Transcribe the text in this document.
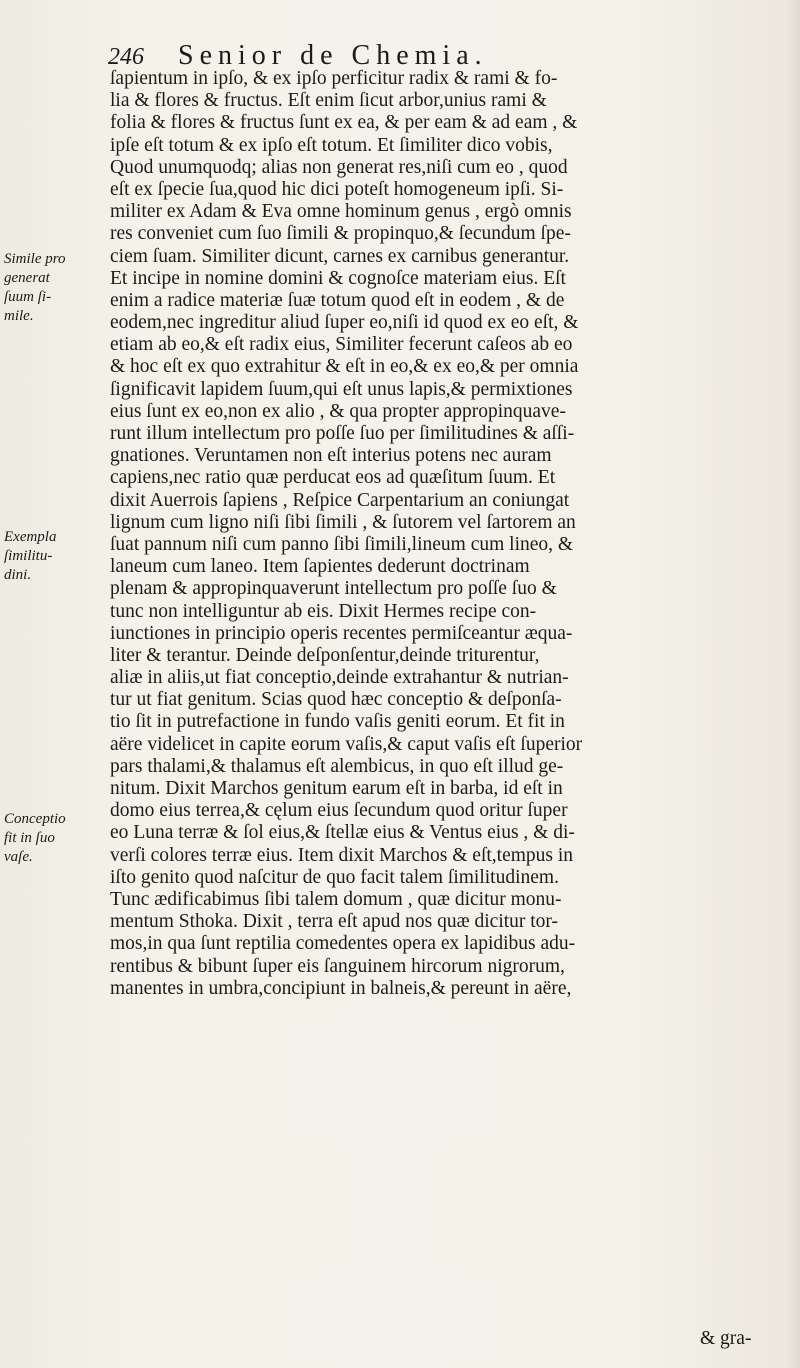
246 Senior de Chemia.
Simile pro
generat
ſuum ſi-
mile.
Exempla
ſimilitu-
dini.
Conceptio
fit in ſuo
vaſe.
ſapientum in ipſo, & ex ipſo perficitur radix & rami & fo-
lia & flores & fructus. Eſt enim ſicut arbor,unius rami &
folia & flores & fructus ſunt ex ea, & per eam & ad eam , &
ipſe eſt totum & ex ipſo eſt totum. Et ſimiliter dico vobis,
Quod unumquodq; alias non generat res,niſi cum eo , quod
eſt ex ſpecie ſua,quod hic dici poteſt homogeneum ipſi. Si-
militer ex Adam & Eva omne hominum genus , ergò omnis
res conveniet cum ſuo ſimili & propinquo,& ſecundum ſpe-
ciem ſuam. Similiter dicunt, carnes ex carnibus generantur.
Et incipe in nomine domini & cognoſce materiam eius. Eſt
enim a radice materiæ ſuæ totum quod eſt in eodem , & de
eodem,nec ingreditur aliud ſuper eo,niſi id quod ex eo eſt, &
etiam ab eo,& eſt radix eius, Similiter fecerunt caſeos ab eo
& hoc eſt ex quo extrahitur & eſt in eo,& ex eo,& per omnia
ſignificavit lapidem ſuum,qui eſt unus lapis,& permixtiones
eius ſunt ex eo,non ex alio , & qua propter appropinquave-
runt illum intellectum pro poſſe ſuo per ſimilitudines & aſſi-
gnationes. Veruntamen non eſt interius potens nec auram
capiens,nec ratio quæ perducat eos ad quæſitum ſuum. Et
dixit Auerrois ſapiens , Reſpice Carpentarium an coniungat
lignum cum ligno niſi ſibi ſimili , & ſutorem vel ſartorem an
ſuat pannum niſi cum panno ſibi ſimili,lineum cum lineo, &
laneum cum laneo. Item ſapientes dederunt doctrinam
plenam & appropinquaverunt intellectum pro poſſe ſuo &
tunc non intelliguntur ab eis. Dixit Hermes recipe con-
iunctiones in principio operis recentes permiſceantur æqua-
liter & terantur. Deinde deſponſentur,deinde triturentur,
aliæ in aliis,ut fiat conceptio,deinde extrahantur & nutrian-
tur ut fiat genitum. Scias quod hæc conceptio & deſponſa-
tio ſit in putrefactione in fundo vaſis geniti eorum. Et fit in
aëre videlicet in capite eorum vaſis,& caput vaſis eſt ſuperior
pars thalami,& thalamus eſt alembicus, in quo eſt illud ge-
nitum. Dixit Marchos genitum earum eſt in barba, id eſt in
domo eius terrea,& cęlum eius ſecundum quod oritur ſuper
eo Luna terræ & ſol eius,& ſtellæ eius & Ventus eius , & di-
verſi colores terræ eius. Item dixit Marchos & eſt,tempus in
iſto genito quod naſcitur de quo facit talem ſimilitudinem.
Tunc ædificabimus ſibi talem domum , quæ dicitur monu-
mentum Sthoka. Dixit , terra eſt apud nos quæ dicitur tor-
mos,in qua ſunt reptilia comedentes opera ex lapidibus adu-
rentibus & bibunt ſuper eis ſanguinem hircorum nigrorum,
manentes in umbra,concipiunt in balneis,& pereunt in aëre,
& gra-
